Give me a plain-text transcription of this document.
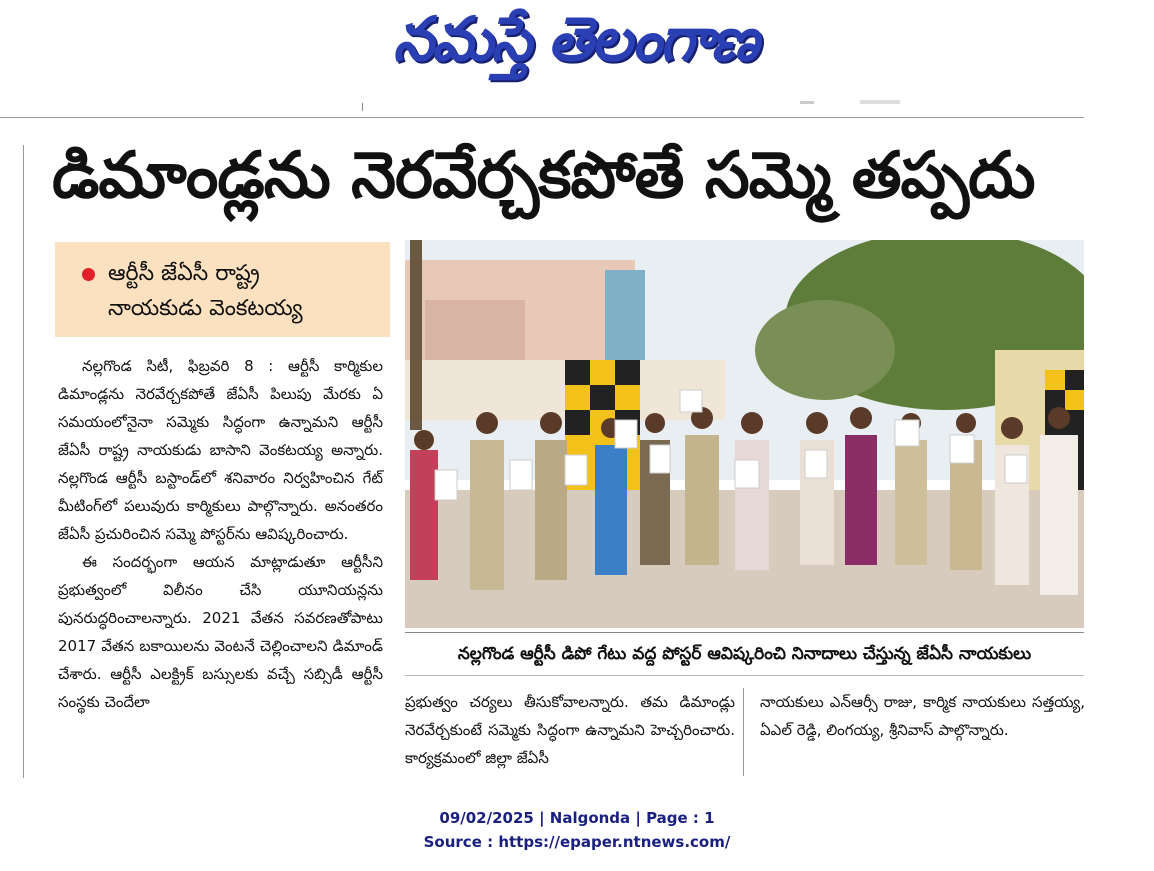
నమస్తే తెలంగాణ
డిమాండ్లను నెరవేర్చకపోతే సమ్మె తప్పదు
ఆర్టీసీ జేఏసీ రాష్ట్ర
నాయకుడు వెంకటయ్య

నల్లగొండ సిటీ, ఫిబ్రవరి 8 : ఆర్టీసీ కార్మికుల డిమాండ్లను నెరవేర్చకపోతే జేఏసీ పిలుపు మేరకు ఏ సమయంలోనైనా సమ్మెకు సిద్ధంగా ఉన్నామని ఆర్టీసీ జేఏసీ రాష్ట్ర నాయకుడు బాసాని వెంకటయ్య అన్నారు. నల్లగొండ ఆర్టీసీ బస్టాండ్‌లో శనివారం నిర్వహించిన గేట్ మీటింగ్‌లో పలువురు కార్మికులు పాల్గొన్నారు. అనంతరం జేఏసీ ప్రచురించిన సమ్మె పోస్టర్‌ను ఆవిష్కరించారు.

ఈ సందర్భంగా ఆయన మాట్లాడుతూ ఆర్టీసీని ప్రభుత్వంలో విలీనం చేసి యూనియన్లను పునరుద్ధరించాలన్నారు. 2021 వేతన సవరణతోపాటు 2017 వేతన బకాయిలను వెంటనే చెల్లించాలని డిమాండ్ చేశారు. ఆర్టీసీ ఎలక్ట్రిక్ బస్సులకు వచ్చే సబ్సిడీ ఆర్టీసీ సంస్థకు చెందేలా

నల్లగొండ ఆర్టీసీ డిపో గేటు వద్ద పోస్టర్ ఆవిష్కరించి నినాదాలు చేస్తున్న జేఏసీ నాయకులు
ప్రభుత్వం చర్యలు తీసుకోవాలన్నారు. తమ డిమాండ్లు నెరవేర్చకుంటే సమ్మెకు సిద్ధంగా ఉన్నామని హెచ్చరించారు. కార్యక్రమంలో జిల్లా జేఏసీ
నాయకులు ఎన్ఆర్సీ రాజు, కార్మిక నాయకులు సత్తయ్య, ఏఎల్ రెడ్డి, లింగయ్య, శ్రీనివాస్ పాల్గొన్నారు.
09/02/2025 | Nalgonda | Page : 1
Source : https://epaper.ntnews.com/
